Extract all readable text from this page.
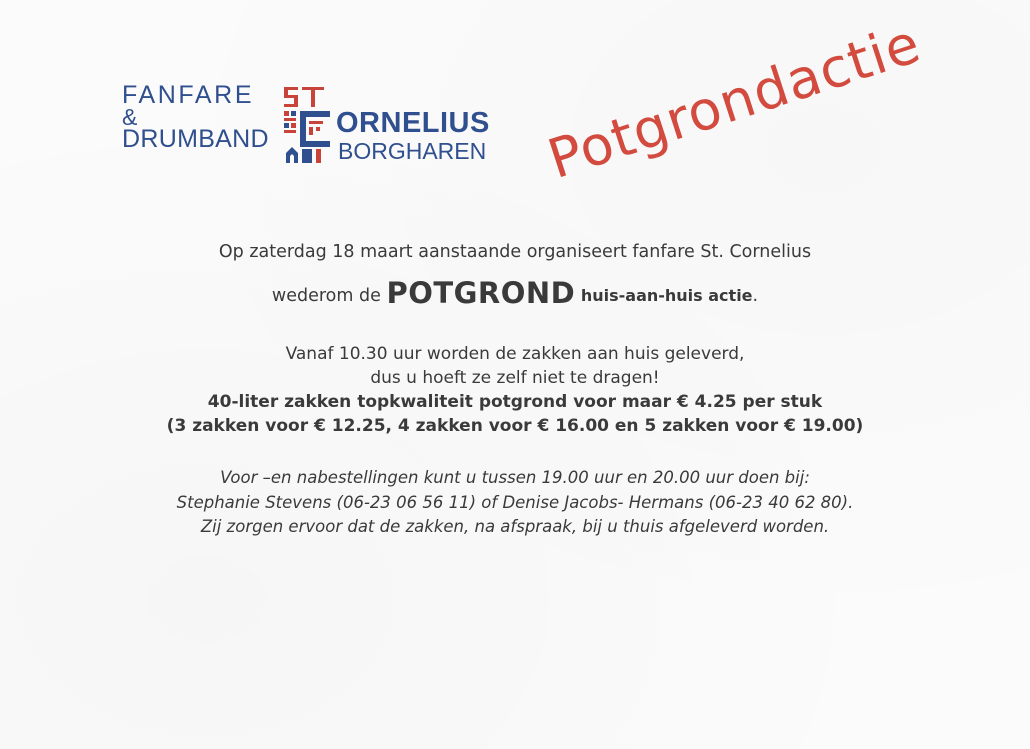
FANFARE
&
DRUMBAND ORNELIUS
BORGHAREN Potgrondactie
Op zaterdag 18 maart aanstaande organiseert fanfare St. Cornelius
wederom de POTGROND huis-aan-huis actie.
Vanaf 10.30 uur worden de zakken aan huis geleverd,
dus u hoeft ze zelf niet te dragen!
40-liter zakken topkwaliteit potgrond voor maar € 4.25 per stuk
(3 zakken voor € 12.25, 4 zakken voor € 16.00 en 5 zakken voor € 19.00)
Voor –en nabestellingen kunt u tussen 19.00 uur en 20.00 uur doen bij:
Stephanie Stevens (06-23 06 56 11) of Denise Jacobs- Hermans (06-23 40 62 80).
Zij zorgen ervoor dat de zakken, na afspraak, bij u thuis afgeleverd worden.
